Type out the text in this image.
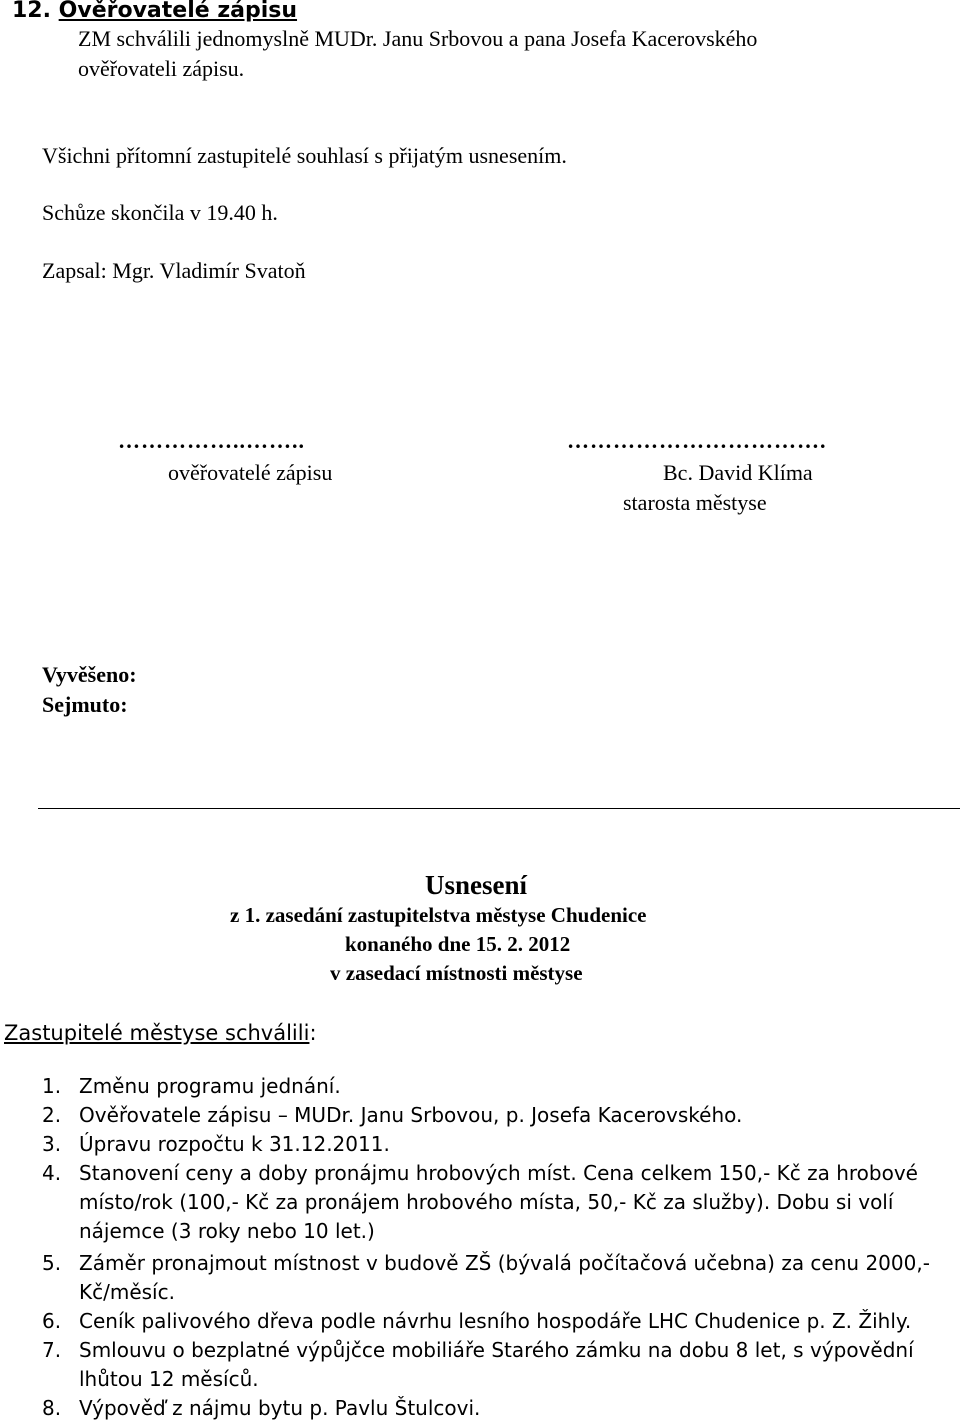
12. Ověřovatelé zápisu
ZM schválili jednomyslně MUDr. Janu Srbovou a pana Josefa Kacerovského
ověřovateli zápisu.
Všichni přítomní zastupitelé souhlasí s přijatým usnesením.
Schůze skončila v 19.40 h.
Zapsal: Mgr. Vladimír Svatoň
……………..……..	…………………………….
ověřovatelé zápisu	Bc. David Klíma
starosta městyse
Vyvěšeno:
Sejmuto:
Usnesení
z 1. zasedání zastupitelstva městyse Chudenice
konaného dne 15. 2. 2012
v zasedací místnosti městyse
Zastupitelé městyse schválili:
1. Změnu programu jednání.
2. Ověřovatele zápisu – MUDr. Janu Srbovou, p. Josefa Kacerovského.
3. Úpravu rozpočtu k 31.12.2011.
4. Stanovení ceny a doby pronájmu hrobových míst. Cena celkem 150,- Kč za hrobové
místo/rok (100,- Kč za pronájem hrobového místa, 50,- Kč za služby). Dobu si volí
nájemce (3 roky nebo 10 let.)
5. Záměr pronajmout místnost v budově ZŠ (bývalá počítačová učebna) za cenu 2000,-
Kč/měsíc.
6. Ceník palivového dřeva podle návrhu lesního hospodáře LHC Chudenice p. Z. Žihly.
7. Smlouvu o bezplatné výpůjčce mobiliáře Starého zámku na dobu 8 let, s výpovědní
lhůtou 12 měsíců.
8. Výpověď z nájmu bytu p. Pavlu Štulcovi.
